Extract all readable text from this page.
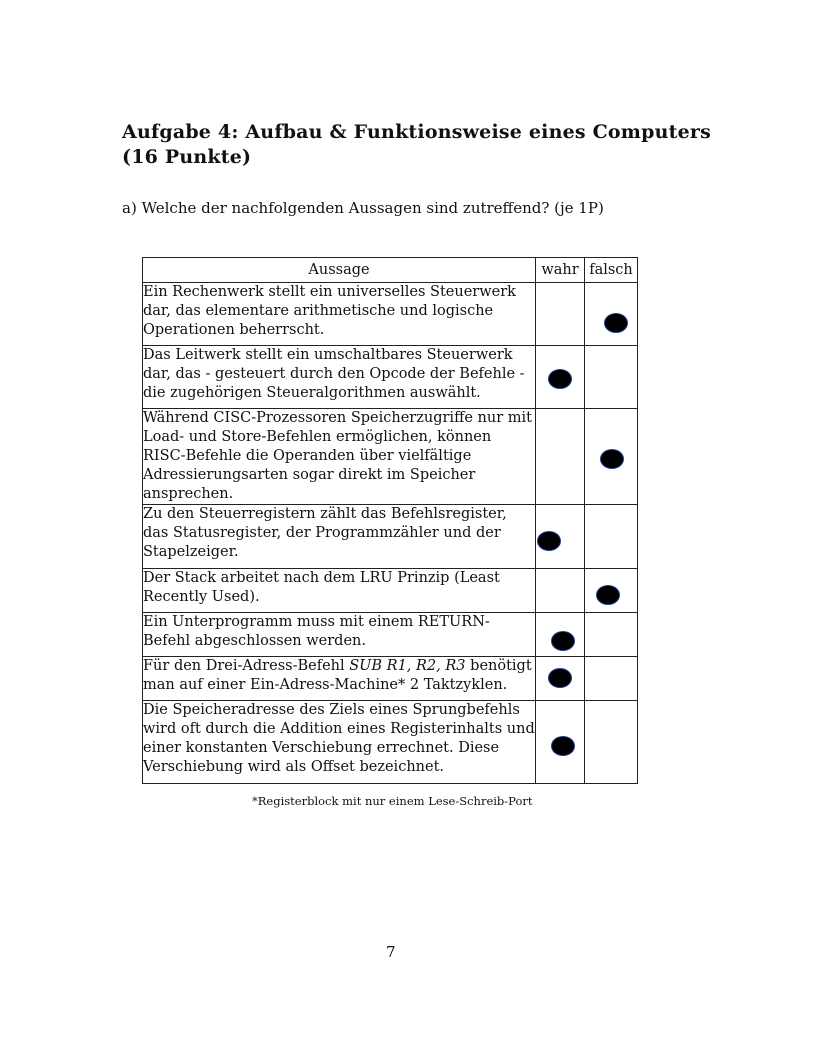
Aufgabe 4: Aufbau & Funktionsweise eines Computers (16 Punkte)
a) Welche der nachfolgenden Aussagen sind zutreffend? (je 1P)
Aussage	wahr	falsch
Ein Rechenwerk stellt ein universelles Steuerwerk dar, das elementare arithmetische und logische Operationen beherrscht.		

Das Leitwerk stellt ein umschaltbares Steuerwerk dar, das - gesteuert durch den Opcode der Befehle - die zugehörigen Steueralgorithmen auswählt.	

Während CISC-Prozessoren Speicherzugriffe nur mit Load- und Store-Befehlen ermöglichen, können RISC-Befehle die Operanden über vielfältige Adressierungsarten sogar direkt im Speicher ansprechen.		

Zu den Steuerregistern zählt das Befehlsregister, das Statusregister, der Programmzähler und der Stapelzeiger.	

Der Stack arbeitet nach dem LRU Prinzip (Least Recently Used).		

Ein Unterprogramm muss mit einem RETURN-Befehl abgeschlossen werden.	

Für den Drei-Adress-Befehl SUB R1, R2, R3 benötigt man auf einer Ein-Adress-Machine* 2 Taktzyklen.	

Die Speicheradresse des Ziels eines Sprungbefehls wird oft durch die Addition eines Registerinhalts und einer konstanten Verschiebung errechnet. Diese Verschiebung wird als Offset bezeichnet.	

*Registerblock mit nur einem Lese-Schreib-Port
7
